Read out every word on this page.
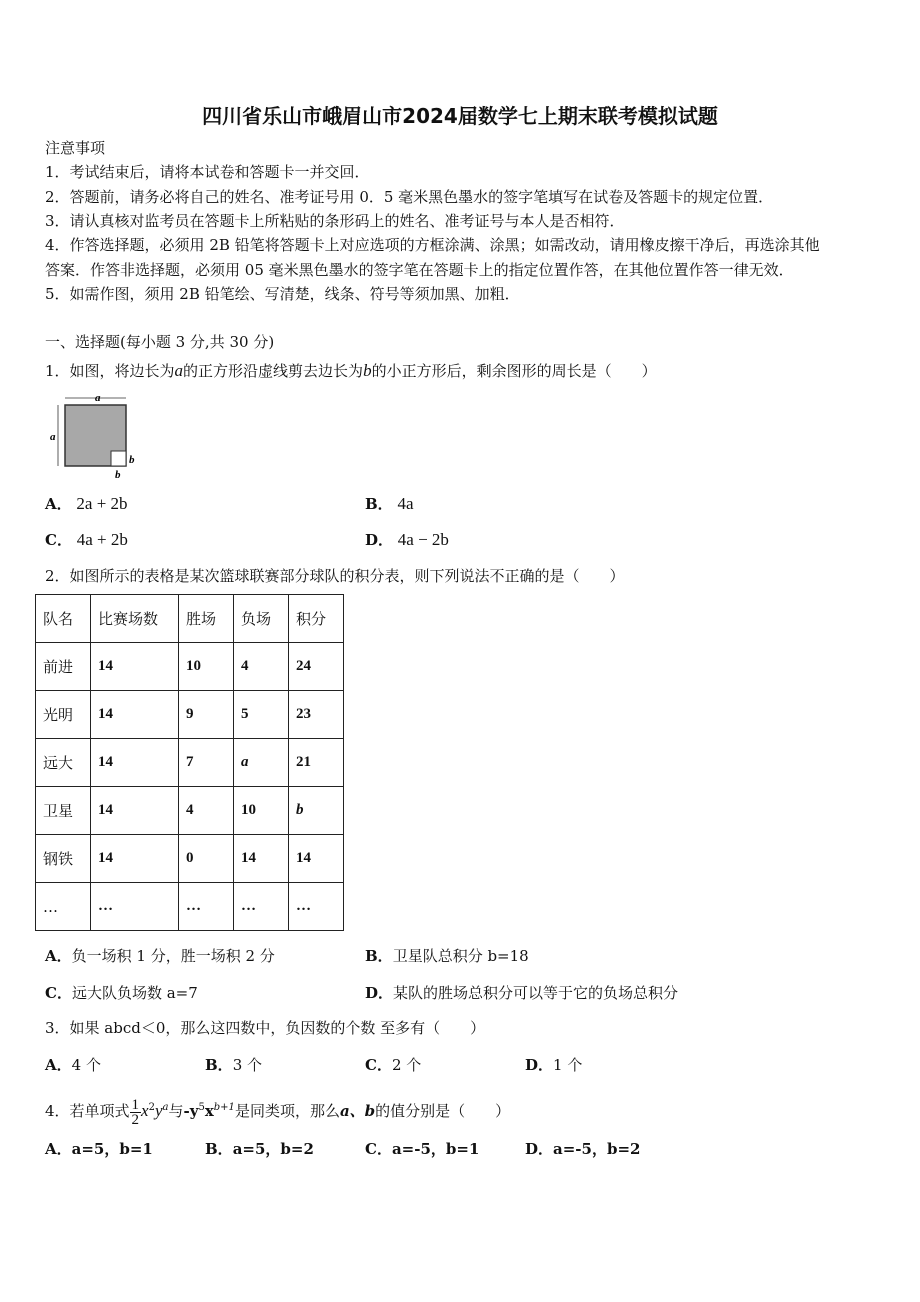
四川省乐山市峨眉山市2024届数学七上期末联考模拟试题
注意事项
1．考试结束后，请将本试卷和答题卡一并交回．
2．答题前，请务必将自己的姓名、准考证号用 0．5 毫米黑色墨水的签字笔填写在试卷及答题卡的规定位置．
3．请认真核对监考员在答题卡上所粘贴的条形码上的姓名、准考证号与本人是否相符．
4．作答选择题，必须用 2B 铅笔将答题卡上对应选项的方框涂满、涂黑；如需改动，请用橡皮擦干净后，再选涂其他
答案．作答非选择题，必须用 05 毫米黑色墨水的签字笔在答题卡上的指定位置作答，在其他位置作答一律无效．
5．如需作图，须用 2B 铅笔绘、写清楚，线条、符号等须加黑、加粗．
一、选择题(每小题 3 分,共 30 分)
1．如图，将边长为a的正方形沿虚线剪去边长为b的小正方形后，剩余图形的周长是（　　）
a
a
b
b
A． 2a + 2b	B． 4a
C． 4a + 2b	D． 4a − 2b
2．如图所示的表格是某次篮球联赛部分球队的积分表，则下列说法不正确的是（　　）
队名	比赛场数	胜场	负场	积分
前进	14	10	4	24
光明	14	9	5	23
远大	14	7	a	21
卫星	14	4	10	b
钢铁	14	0	14	14
…	…	…	…	…
A．负一场积 1 分，胜一场积 2 分	B．卫星队总积分 b=18
C．远大队负场数 a=7	D．某队的胜场总积分可以等于它的负场总积分
3．如果 abcd＜0，那么这四数中，负因数的个数 至多有（　　）
A．4 个	B．3 个	C．2 个	D．1 个
4．若单项式 $\frac{1}{2} x^2y^a$与$-y^5x^{b+1}$是同类项，那么a、b的值分别是（　　）
A．a=5，b=1	B．a=5，b=2	C．a=-5，b=1	D．a=-5，b=2
